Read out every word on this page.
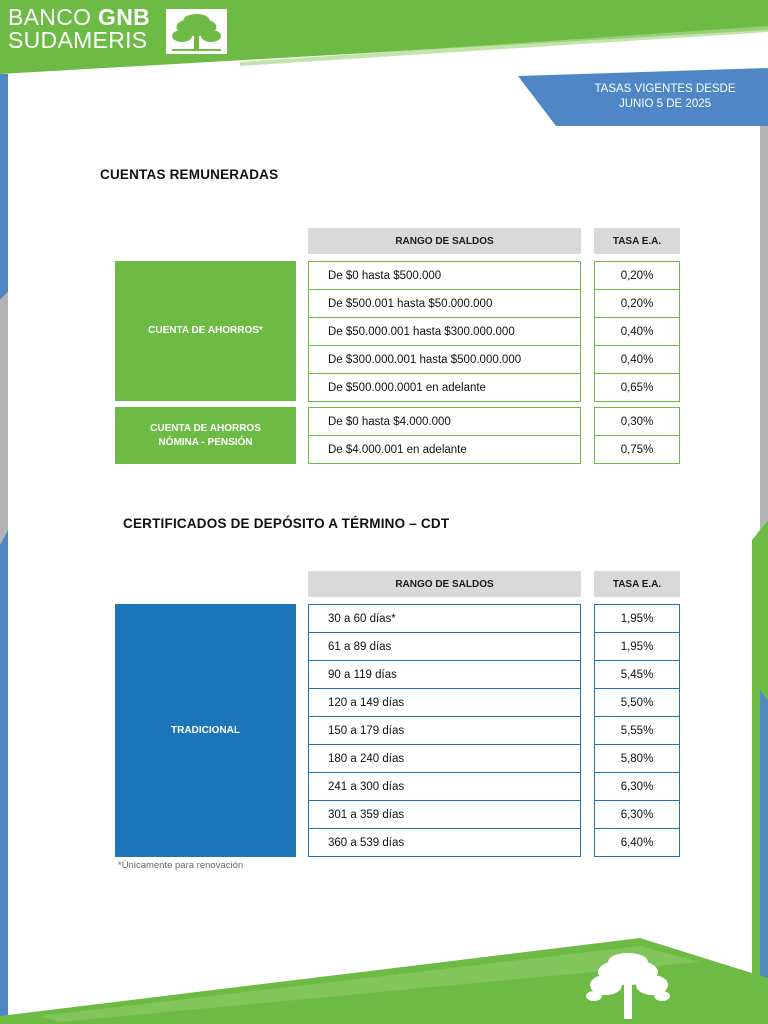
BANCO GNB
SUDAMERIS
TASAS VIGENTES DESDE
JUNIO 5 DE 2025
CUENTAS REMUNERADAS
RANGO DE SALDOS	TASA E.A.
CUENTA DE AHORROS*
De $0 hasta $500.000
De $500.001 hasta $50.000.000
De $50.000.001 hasta $300.000.000
De $300.000.001 hasta $500.000.000
De $500.000.0001 en adelante
0,20%
0,20%
0,40%
0,40%
0,65%
CUENTA DE AHORROS
NÓMINA - PENSIÓN
De $0 hasta $4.000.000
De $4.000.001 en adelante
0,30%
0,75%
CERTIFICADOS DE DEPÓSITO A TÉRMINO – CDT
RANGO DE SALDOS	TASA E.A.
TRADICIONAL
30 a 60 días*
61 a 89 días
90 a 119 días
120 a 149 días
150 a 179 días
180 a 240 días
241 a 300 días
301 a 359 días
360 a 539 días
1,95%
1,95%
5,45%
5,50%
5,55%
5,80%
6,30%
6,30%
6,40%
*Únicamente para renovación
